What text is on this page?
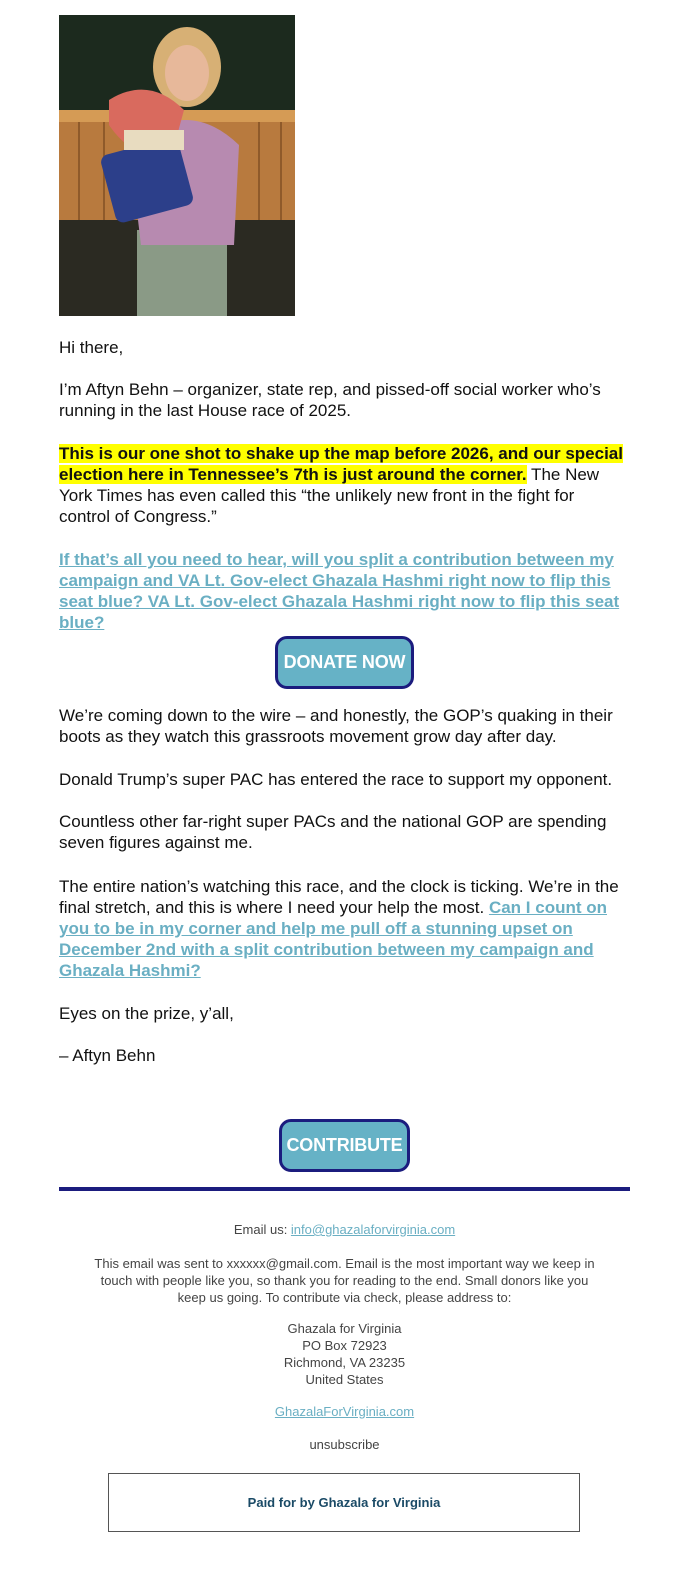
Hi there,

I’m Aftyn Behn – organizer, state rep, and pissed-off social worker who’s running in the last House race of 2025.

This is our one shot to shake up the map before 2026, and our special election here in Tennessee’s 7th is just around the corner. The New York Times has even called this “the unlikely new front in the fight for control of Congress.”

If that’s all you need to hear, will you split a contribution between my campaign and VA Lt. Gov-elect Ghazala Hashmi right now to flip this seat blue? VA Lt. Gov-elect Ghazala Hashmi right now to flip this seat blue?

DONATE NOW

We’re coming down to the wire – and honestly, the GOP’s quaking in their boots as they watch this grassroots movement grow day after day.

Donald Trump’s super PAC has entered the race to support my opponent.

Countless other far-right super PACs and the national GOP are spending seven figures against me.

The entire nation’s watching this race, and the clock is ticking. We’re in the final stretch, and this is where I need your help the most. Can I count on you to be in my corner and help me pull off a stunning upset on December 2nd with a split contribution between my campaign and Ghazala Hashmi?

Eyes on the prize, y’all,

– Aftyn Behn

CONTRIBUTE
Email us: info@ghazalaforvirginia.com
This email was sent to xxxxxx@gmail.com. Email is the most important way we keep in touch with people like you, so thank you for reading to the end. Small donors like you keep us going. To contribute via check, please address to:
Ghazala for Virginia
PO Box 72923
Richmond, VA 23235
United States
GhazalaForVirginia.com
unsubscribe
Paid for by Ghazala for Virginia
